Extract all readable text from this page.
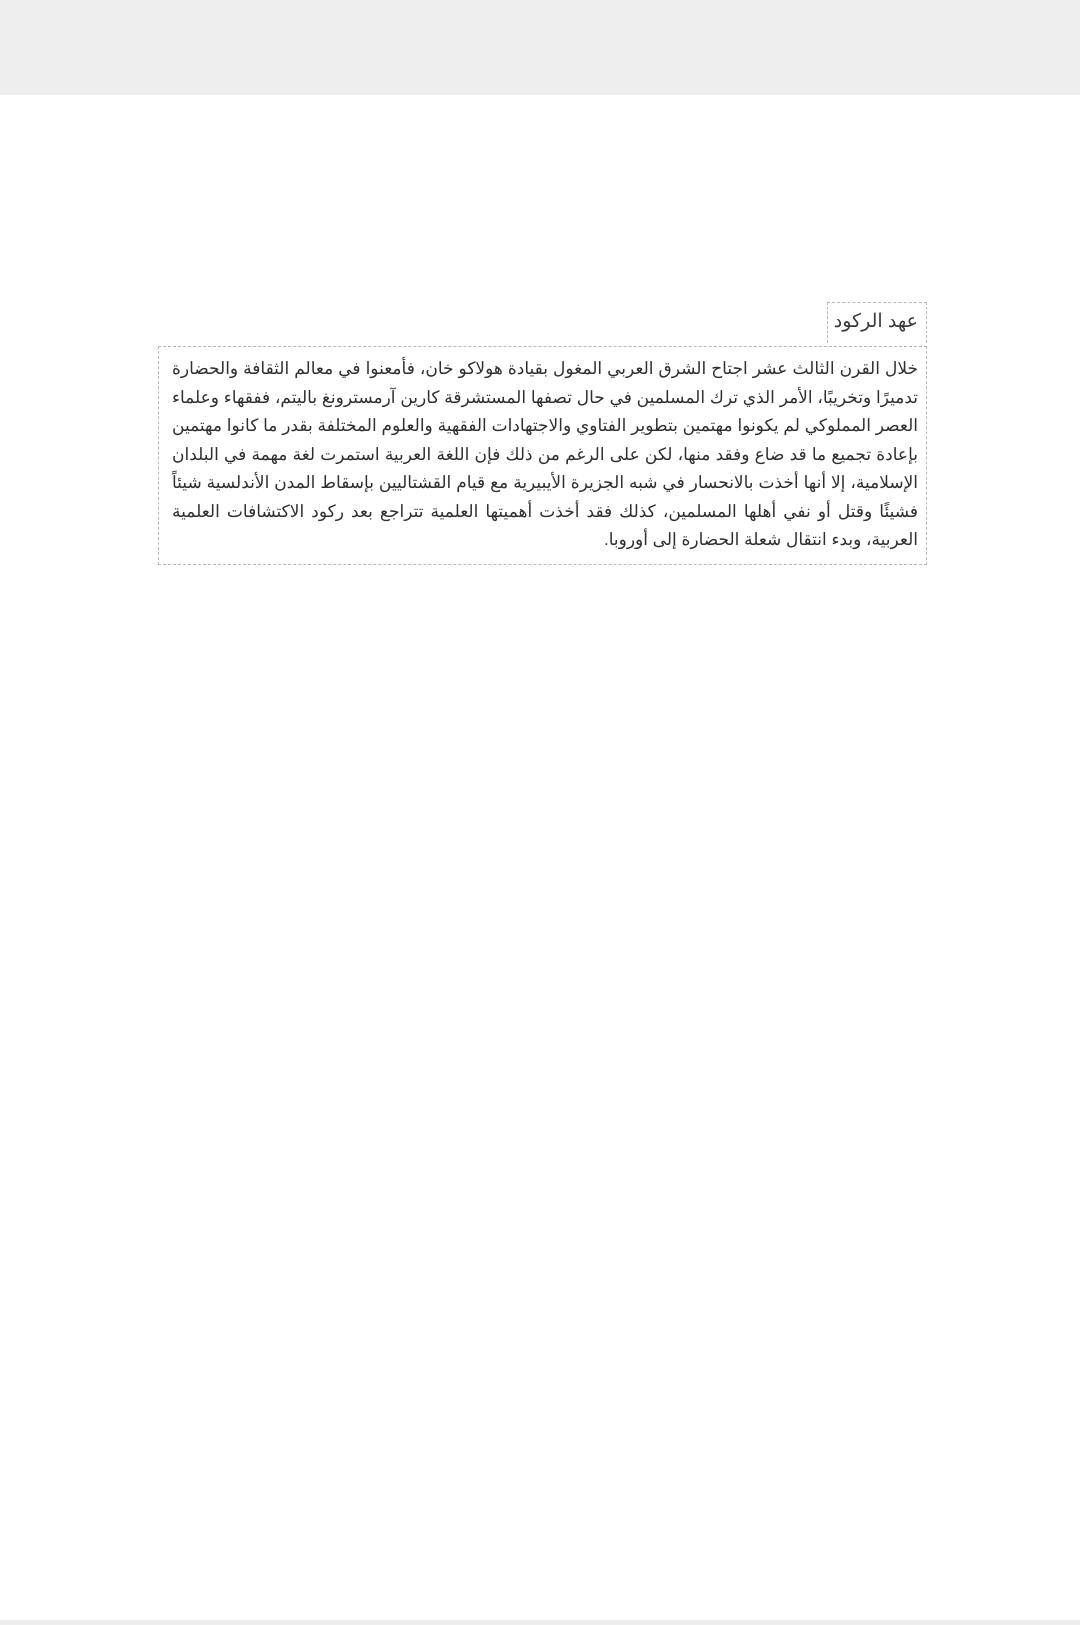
عهد الركود

خلال القرن الثالث عشر اجتاح الشرق العربي المغول بقيادة هولاكو خان، فأمعنوا في معالم الثقافة والحضارة تدميرًا وتخريبًا، الأمر الذي ترك المسلمين في حال تصفها المستشرقة كارين آرمسترونغ باليتم، ففقهاء وعلماء العصر المملوكي لم يكونوا مهتمين بتطوير الفتاوي والاجتهادات الفقهية والعلوم المختلفة بقدر ما كانوا مهتمين بإعادة تجميع ما قد ضاع وفقد منها، لكن على الرغم من ذلك فإن اللغة العربية استمرت لغة مهمة في البلدان الإسلامية، إلا أنها أخذت بالانحسار في شبه الجزيرة الأيبيرية مع قيام القشتاليين بإسقاط المدن الأندلسية شيئاً فشيئًا وقتل أو نفي أهلها المسلمين، كذلك فقد أخذت أهميتها العلمية تتراجع بعد ركود الاكتشافات العلمية العربية، وبدء انتقال شعلة الحضارة إلى أوروبا.
